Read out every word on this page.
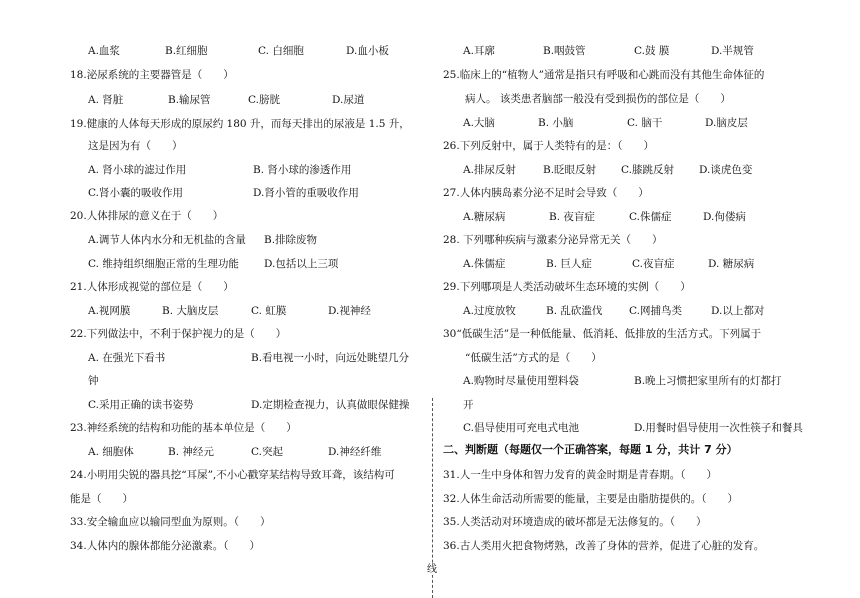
A.血浆	B.红细胞	C. 白细胞	D.血小板
18.泌尿系统的主要器管是（　　）
A. 肾脏	B.输尿管	C.膀胱	D.尿道
19.健康的人体每天形成的原尿约 180 升，而每天排出的尿液是 1.5 升，
这是因为有（　　）
A. 肾小球的滤过作用	B. 肾小球的渗透作用
C.肾小囊的吸收作用	D.肾小管的重吸收作用
20.人体排尿的意义在于（　　）
A.调节人体内水分和无机盐的含量 B.排除废物
C. 维持组织细胞正常的生理功能 D.包括以上三项
21.人体形成视觉的部位是（　　）
A.视网膜	B. 大脑皮层	C. 虹膜	D.视神经
22.下列做法中，不利于保护视力的是（　　）
A. 在强光下看书	B.看电视一小时，向远处眺望几分
钟
C.采用正确的读书姿势	D.定期检查视力，认真做眼保健操
23.神经系统的结构和功能的基本单位是（　　）
A. 细胞体	B. 神经元	C.突起	D.神经纤维
24.小明用尖锐的器具挖“耳屎”,不小心戳穿某结构导致耳聋，该结构可
能是（　　）
33.安全输血应以输同型血为原则。（　　）
34.人体内的腺体都能分泌激素。（　　）
线
A.耳廓	B.咽鼓管	C.鼓 膜	D.半规管
25.临床上的“植物人”通常是指只有呼吸和心跳而没有其他生命体征的
病人。 该类患者脑部一般没有受到损伤的部位是（　　）
A.大脑	B. 小脑	C. 脑干	D.脑皮层
26.下列反射中，属于人类特有的是：（　　）
A.排尿反射	B.眨眼反射 C.膝跳反射 D.谈虎色变
27.人体内胰岛素分泌不足时会导致（　　）
A.糖尿病	B. 夜盲症	C.侏儒症	D.佝偻病
28. 下列哪种疾病与激素分泌异常无关（　　）
A.侏儒症	B. 巨人症	C.夜盲症	D. 糖尿病
29.下列哪项是人类活动破坏生态环境的实例（　　）
A.过度放牧	B. 乱砍滥伐	C.网捕鸟类	D.以上都对
30“低碳生活”是一种低能量、低消耗、低排放的生活方式。下列属于
“低碳生活”方式的是（　　）
A.购物时尽量使用塑料袋	B.晚上习惯把家里所有的灯都打
开
C.倡导使用可充电式电池	D.用餐时倡导使用一次性筷子和餐具
二、判断题（每题仅一个正确答案，每题 1 分，共计 7 分）
31.人一生中身体和智力发育的黄金时期是青春期。（　　）
32.人体生命活动所需要的能量，主要是由脂肪提供的。（　　）
35.人类活动对环境造成的破坏都是无法修复的。（　　）
36.古人类用火把食物烤熟，改善了身体的营养，促进了心脏的发育。
